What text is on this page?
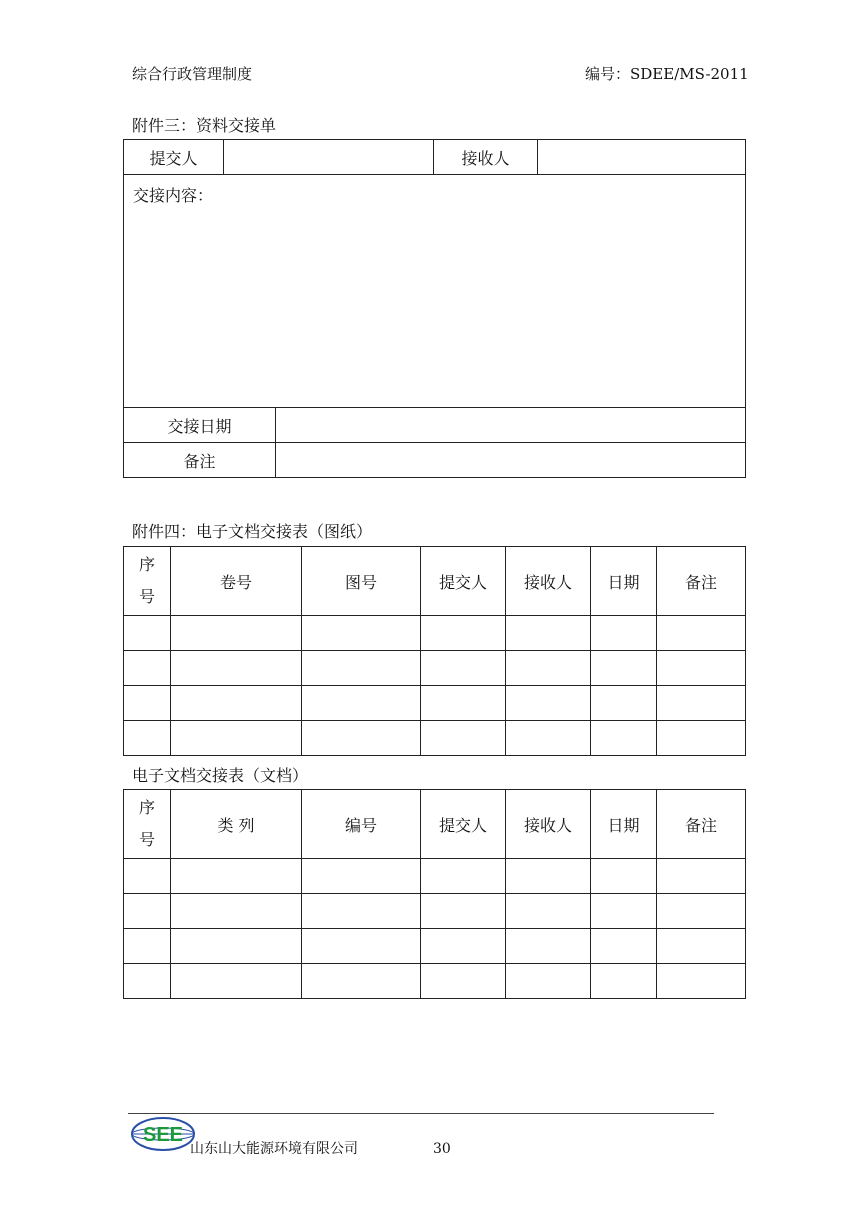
综合行政管理制度	编号：SDEE/MS-2011
附件三：资料交接单
提交人			接收人	
交接内容：				
交接日期				
备注				
附件四：电子文档交接表（图纸）
序
号	卷号	图号	提交人	接收人	日期	备注

电子文档交接表（文档）
序
号	类 列	编号	提交人	接收人	日期	备注

SEE
山东山大能源环境有限公司	30
